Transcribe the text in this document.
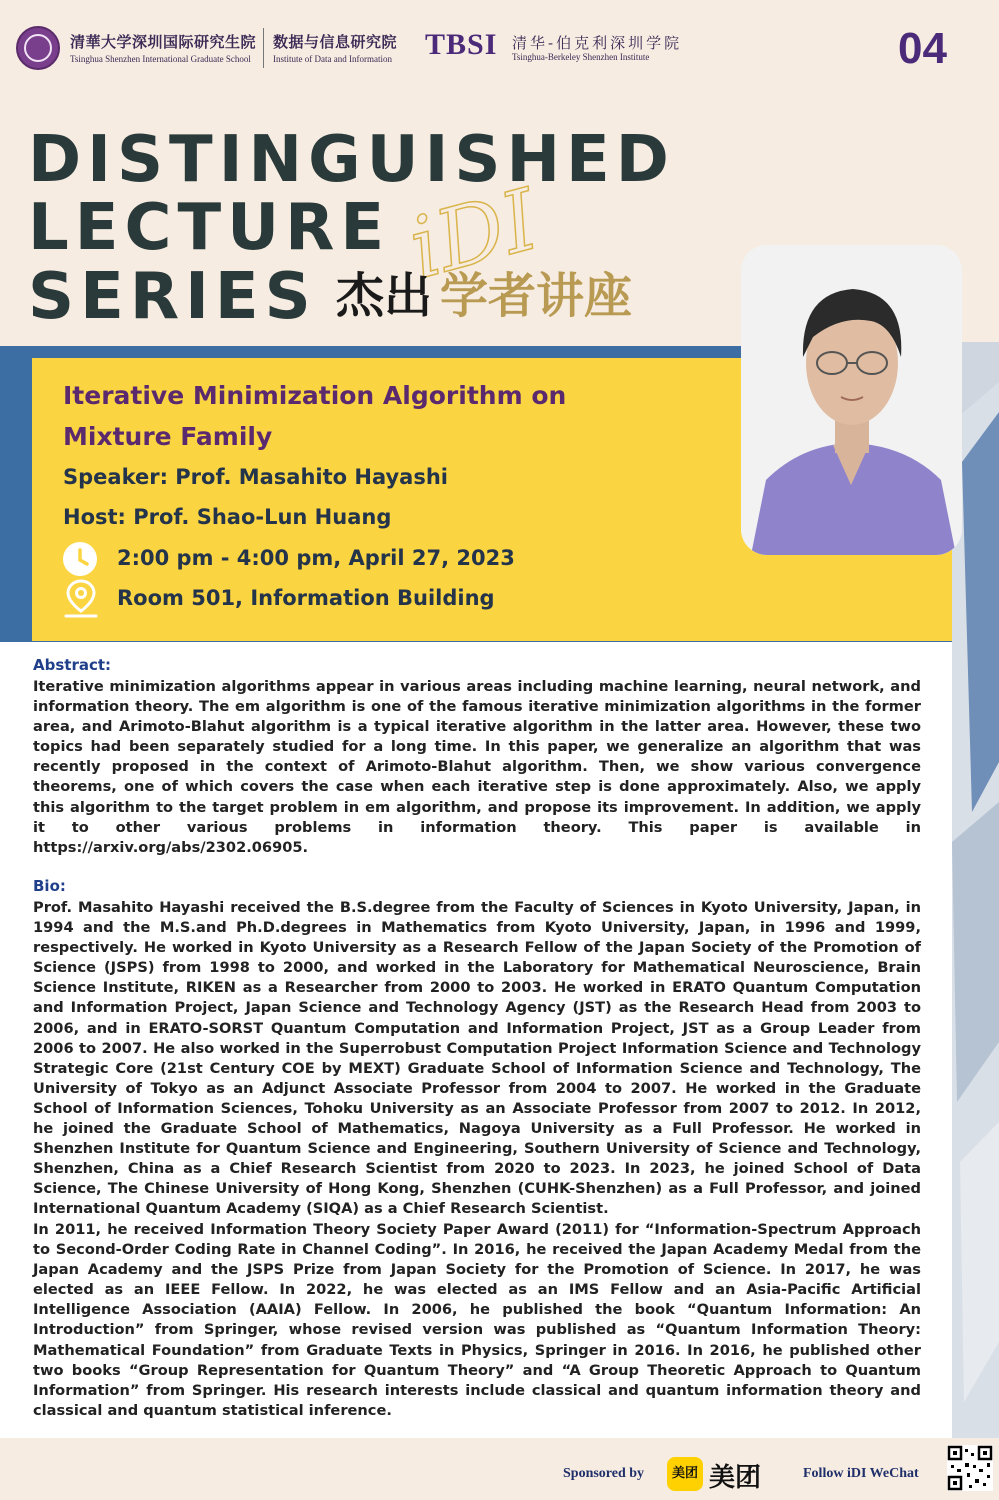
清華大学深圳国际研究生院
Tsinghua Shenzhen International Graduate School
数据与信息研究院
Institute of Data and Information TBSI 清华-伯克利深圳学院
Tsinghua-Berkeley Shenzhen Institute	04
DISTINGUISHED
LECTURE
SERIES iDI
杰出 学者讲座
Iterative Minimization Algorithm on Mixture Family
Speaker: Prof. Masahito Hayashi
Host: Prof. Shao-Lun Huang
2:00 pm - 4:00 pm, April 27, 2023
Room 501, Information Building
Abstract:
Iterative minimization algorithms appear in various areas including machine learning, neural network, and information theory. The em algorithm is one of the famous iterative minimization algorithms in the former area, and Arimoto-Blahut algorithm is a typical iterative algorithm in the latter area. However, these two topics had been separately studied for a long time. In this paper, we generalize an algorithm that was recently proposed in the context of Arimoto-Blahut algorithm. Then, we show various convergence theorems, one of which covers the case when each iterative step is done approximately. Also, we apply this algorithm to the target problem in em algorithm, and propose its improvement. In addition, we apply it to other various problems in information theory. This paper is available in https://arxiv.org/abs/2302.06905.
Bio:
Prof. Masahito Hayashi received the B.S.degree from the Faculty of Sciences in Kyoto University, Japan, in 1994 and the M.S.and Ph.D.degrees in Mathematics from Kyoto University, Japan, in 1996 and 1999, respectively. He worked in Kyoto University as a Research Fellow of the Japan Society of the Promotion of Science (JSPS) from 1998 to 2000, and worked in the Laboratory for Mathematical Neuroscience, Brain Science Institute, RIKEN as a Researcher from 2000 to 2003. He worked in ERATO Quantum Computation and Information Project, Japan Science and Technology Agency (JST) as the Research Head from 2003 to 2006, and in ERATO-SORST Quantum Computation and Information Project, JST as a Group Leader from 2006 to 2007. He also worked in the Superrobust Computation Project Information Science and Technology Strategic Core (21st Century COE by MEXT) Graduate School of Information Science and Technology, The University of Tokyo as an Adjunct Associate Professor from 2004 to 2007. He worked in the Graduate School of Information Sciences, Tohoku University as an Associate Professor from 2007 to 2012. In 2012, he joined the Graduate School of Mathematics, Nagoya University as a Full Professor. He worked in Shenzhen Institute for Quantum Science and Engineering, Southern University of Science and Technology, Shenzhen, China as a Chief Research Scientist from 2020 to 2023. In 2023, he joined School of Data Science, The Chinese University of Hong Kong, Shenzhen (CUHK-Shenzhen) as a Full Professor, and joined International Quantum Academy (SIQA) as a Chief Research Scientist.
In 2011, he received Information Theory Society Paper Award (2011) for “Information-Spectrum Approach to Second-Order Coding Rate in Channel Coding”. In 2016, he received the Japan Academy Medal from the Japan Academy and the JSPS Prize from Japan Society for the Promotion of Science. In 2017, he was elected as an IEEE Fellow. In 2022, he was elected as an IMS Fellow and an Asia-Pacific Artificial Intelligence Association (AAIA) Fellow. In 2006, he published the book “Quantum Information: An Introduction” from Springer, whose revised version was published as “Quantum Information Theory: Mathematical Foundation” from Graduate Texts in Physics, Springer in 2016. In 2016, he published other two books “Group Representation for Quantum Theory” and “A Group Theoretic Approach to Quantum Information” from Springer. His research interests include classical and quantum information theory and classical and quantum statistical inference.
Sponsored by	美团 美团	Follow iDI WeChat
